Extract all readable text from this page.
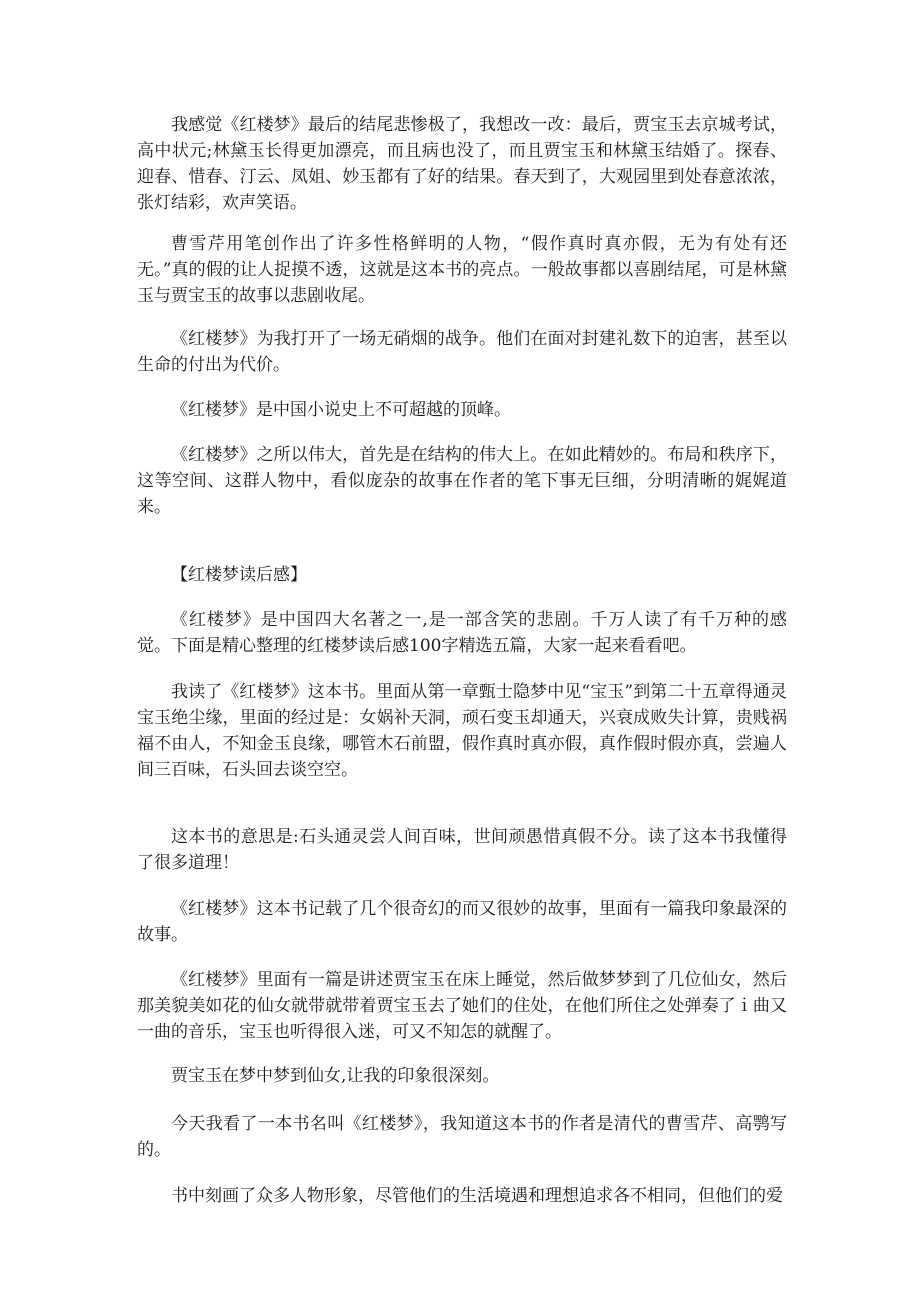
我感觉《红楼梦》最后的结尾悲惨极了，我想改一改：最后，贾宝玉去京城考试，高中状元;林黛玉长得更加漂亮，而且病也没了，而且贾宝玉和林黛玉结婚了。探春、迎春、惜春、汀云、凤姐、妙玉都有了好的结果。春天到了，大观园里到处春意浓浓，张灯结彩，欢声笑语。

曹雪芹用笔创作出了许多性格鲜明的人物，“假作真时真亦假，无为有处有还无。”真的假的让人捉摸不透，这就是这本书的亮点。一般故事都以喜剧结尾，可是林黛玉与贾宝玉的故事以悲剧收尾。

《红楼梦》为我打开了一场无硝烟的战争。他们在面对封建礼数下的迫害，甚至以生命的付出为代价。

《红楼梦》是中国小说史上不可超越的顶峰。

《红楼梦》之所以伟大，首先是在结构的伟大上。在如此精妙的。布局和秩序下，这等空间、这群人物中，看似庞杂的故事在作者的笔下事无巨细，分明清晰的娓娓道来。

【红楼梦读后感】

《红楼梦》是中国四大名著之一,是一部含笑的悲剧。千万人读了有千万种的感觉。下面是精心整理的红楼梦读后感100字精选五篇，大家一起来看看吧。

我读了《红楼梦》这本书。里面从第一章甄士隐梦中见“宝玉”到第二十五章得通灵宝玉绝尘缘，里面的经过是：女娲补天洞，顽石变玉却通天，兴衰成败失计算，贵贱祸福不由人，不知金玉良缘，哪管木石前盟，假作真时真亦假，真作假时假亦真，尝遍人间三百味，石头回去谈空空。

这本书的意思是:石头通灵尝人间百味，世间顽愚惜真假不分。读了这本书我懂得了很多道理！

《红楼梦》这本书记载了几个很奇幻的而又很妙的故事，里面有一篇我印象最深的故事。

《红楼梦》里面有一篇是讲述贾宝玉在床上睡觉，然后做梦梦到了几位仙女，然后那美貌美如花的仙女就带就带着贾宝玉去了她们的住处，在他们所住之处弹奏了ｉ曲又一曲的音乐，宝玉也听得很入迷，可又不知怎的就醒了。

贾宝玉在梦中梦到仙女,让我的印象很深刻。

今天我看了一本书名叫《红楼梦》，我知道这本书的作者是清代的曹雪芹、高鹗写的。

书中刻画了众多人物形象，尽管他们的生活境遇和理想追求各不相同，但他们的爱
